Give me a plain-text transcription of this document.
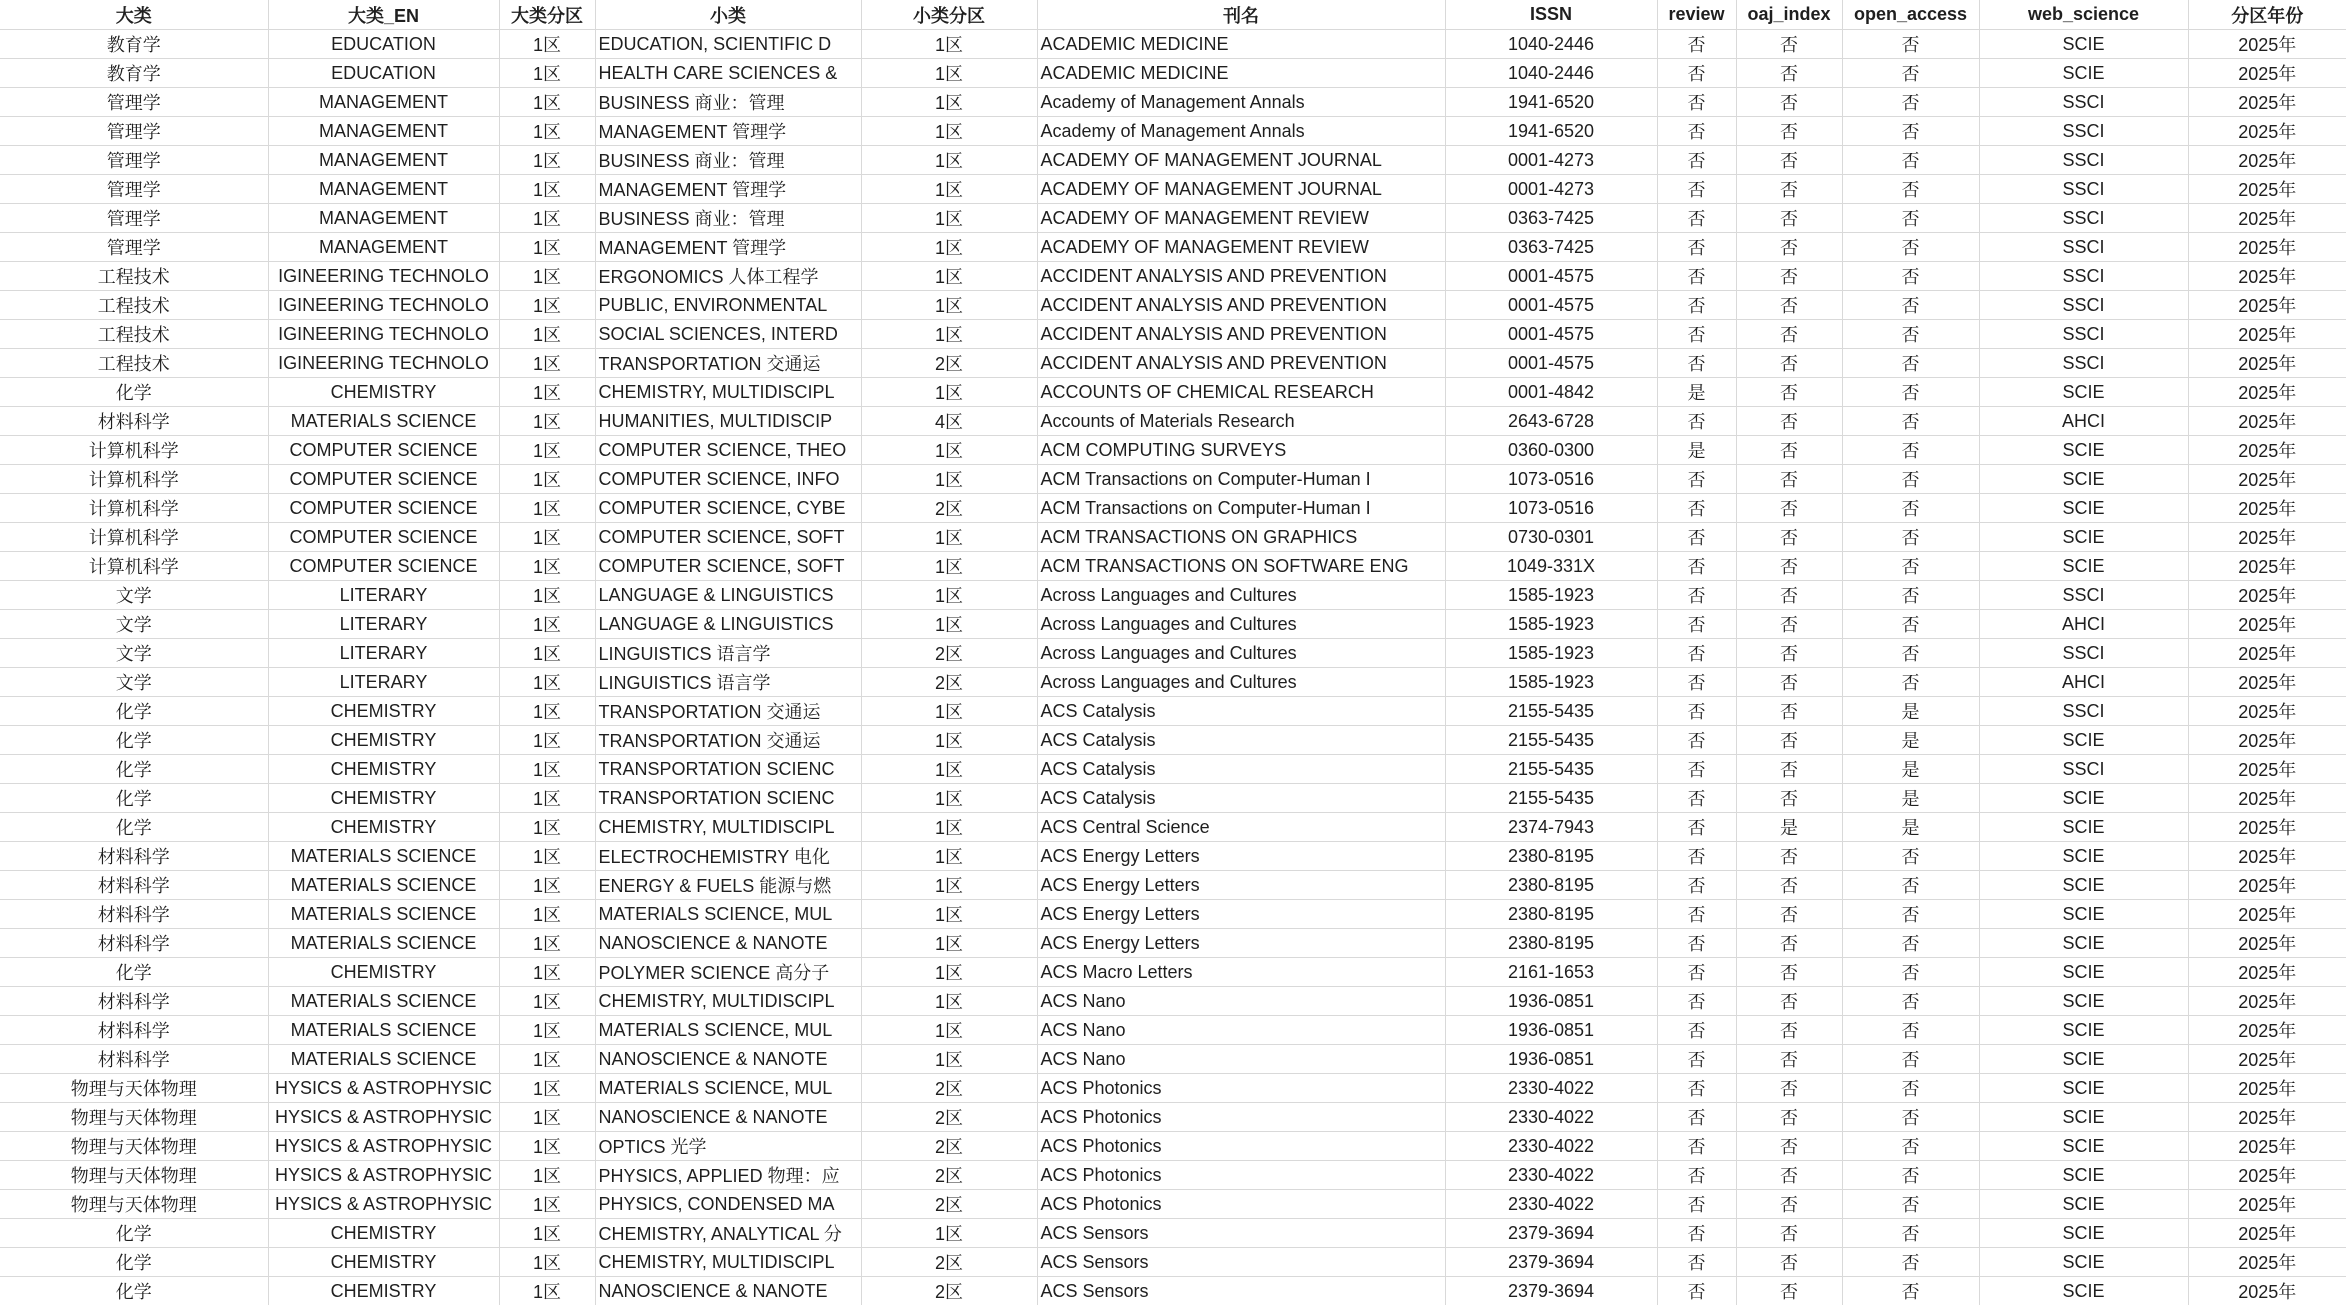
大类	大类_EN	大类分区	小类	小类分区	刊名	ISSN	review	oaj_index	open_access	web_science	分区年份
教育学	EDUCATION	1区	EDUCATION, SCIENTIFIC D	1区	ACADEMIC MEDICINE	1040-2446	否	否	否	SCIE	2025年
教育学	EDUCATION	1区	HEALTH CARE SCIENCES &	1区	ACADEMIC MEDICINE	1040-2446	否	否	否	SCIE	2025年
管理学	MANAGEMENT	1区	BUSINESS 商业：管理	1区	Academy of Management Annals	1941-6520	否	否	否	SSCI	2025年
管理学	MANAGEMENT	1区	MANAGEMENT 管理学	1区	Academy of Management Annals	1941-6520	否	否	否	SSCI	2025年
管理学	MANAGEMENT	1区	BUSINESS 商业：管理	1区	ACADEMY OF MANAGEMENT JOURNAL	0001-4273	否	否	否	SSCI	2025年
管理学	MANAGEMENT	1区	MANAGEMENT 管理学	1区	ACADEMY OF MANAGEMENT JOURNAL	0001-4273	否	否	否	SSCI	2025年
管理学	MANAGEMENT	1区	BUSINESS 商业：管理	1区	ACADEMY OF MANAGEMENT REVIEW	0363-7425	否	否	否	SSCI	2025年
管理学	MANAGEMENT	1区	MANAGEMENT 管理学	1区	ACADEMY OF MANAGEMENT REVIEW	0363-7425	否	否	否	SSCI	2025年
工程技术	IGINEERING TECHNOLO	1区	ERGONOMICS 人体工程学	1区	ACCIDENT ANALYSIS AND PREVENTION	0001-4575	否	否	否	SSCI	2025年
工程技术	IGINEERING TECHNOLO	1区	PUBLIC, ENVIRONMENTAL	1区	ACCIDENT ANALYSIS AND PREVENTION	0001-4575	否	否	否	SSCI	2025年
工程技术	IGINEERING TECHNOLO	1区	SOCIAL SCIENCES, INTERD	1区	ACCIDENT ANALYSIS AND PREVENTION	0001-4575	否	否	否	SSCI	2025年
工程技术	IGINEERING TECHNOLO	1区	TRANSPORTATION 交通运	2区	ACCIDENT ANALYSIS AND PREVENTION	0001-4575	否	否	否	SSCI	2025年
化学	CHEMISTRY	1区	CHEMISTRY, MULTIDISCIPL	1区	ACCOUNTS OF CHEMICAL RESEARCH	0001-4842	是	否	否	SCIE	2025年
材料科学	MATERIALS SCIENCE	1区	HUMANITIES, MULTIDISCIP	4区	Accounts of Materials Research	2643-6728	否	否	否	AHCI	2025年
计算机科学	COMPUTER SCIENCE	1区	COMPUTER SCIENCE, THEO	1区	ACM COMPUTING SURVEYS	0360-0300	是	否	否	SCIE	2025年
计算机科学	COMPUTER SCIENCE	1区	COMPUTER SCIENCE, INFO	1区	ACM Transactions on Computer-Human I	1073-0516	否	否	否	SCIE	2025年
计算机科学	COMPUTER SCIENCE	1区	COMPUTER SCIENCE, CYBE	2区	ACM Transactions on Computer-Human I	1073-0516	否	否	否	SCIE	2025年
计算机科学	COMPUTER SCIENCE	1区	COMPUTER SCIENCE, SOFT	1区	ACM TRANSACTIONS ON GRAPHICS	0730-0301	否	否	否	SCIE	2025年
计算机科学	COMPUTER SCIENCE	1区	COMPUTER SCIENCE, SOFT	1区	ACM TRANSACTIONS ON SOFTWARE ENG	1049-331X	否	否	否	SCIE	2025年
文学	LITERARY	1区	LANGUAGE & LINGUISTICS	1区	Across Languages and Cultures	1585-1923	否	否	否	SSCI	2025年
文学	LITERARY	1区	LANGUAGE & LINGUISTICS	1区	Across Languages and Cultures	1585-1923	否	否	否	AHCI	2025年
文学	LITERARY	1区	LINGUISTICS 语言学	2区	Across Languages and Cultures	1585-1923	否	否	否	SSCI	2025年
文学	LITERARY	1区	LINGUISTICS 语言学	2区	Across Languages and Cultures	1585-1923	否	否	否	AHCI	2025年
化学	CHEMISTRY	1区	TRANSPORTATION 交通运	1区	ACS Catalysis	2155-5435	否	否	是	SSCI	2025年
化学	CHEMISTRY	1区	TRANSPORTATION 交通运	1区	ACS Catalysis	2155-5435	否	否	是	SCIE	2025年
化学	CHEMISTRY	1区	TRANSPORTATION SCIENC	1区	ACS Catalysis	2155-5435	否	否	是	SSCI	2025年
化学	CHEMISTRY	1区	TRANSPORTATION SCIENC	1区	ACS Catalysis	2155-5435	否	否	是	SCIE	2025年
化学	CHEMISTRY	1区	CHEMISTRY, MULTIDISCIPL	1区	ACS Central Science	2374-7943	否	是	是	SCIE	2025年
材料科学	MATERIALS SCIENCE	1区	ELECTROCHEMISTRY 电化	1区	ACS Energy Letters	2380-8195	否	否	否	SCIE	2025年
材料科学	MATERIALS SCIENCE	1区	ENERGY & FUELS 能源与燃	1区	ACS Energy Letters	2380-8195	否	否	否	SCIE	2025年
材料科学	MATERIALS SCIENCE	1区	MATERIALS SCIENCE, MUL	1区	ACS Energy Letters	2380-8195	否	否	否	SCIE	2025年
材料科学	MATERIALS SCIENCE	1区	NANOSCIENCE & NANOTE	1区	ACS Energy Letters	2380-8195	否	否	否	SCIE	2025年
化学	CHEMISTRY	1区	POLYMER SCIENCE 高分子	1区	ACS Macro Letters	2161-1653	否	否	否	SCIE	2025年
材料科学	MATERIALS SCIENCE	1区	CHEMISTRY, MULTIDISCIPL	1区	ACS Nano	1936-0851	否	否	否	SCIE	2025年
材料科学	MATERIALS SCIENCE	1区	MATERIALS SCIENCE, MUL	1区	ACS Nano	1936-0851	否	否	否	SCIE	2025年
材料科学	MATERIALS SCIENCE	1区	NANOSCIENCE & NANOTE	1区	ACS Nano	1936-0851	否	否	否	SCIE	2025年
物理与天体物理	HYSICS & ASTROPHYSIC	1区	MATERIALS SCIENCE, MUL	2区	ACS Photonics	2330-4022	否	否	否	SCIE	2025年
物理与天体物理	HYSICS & ASTROPHYSIC	1区	NANOSCIENCE & NANOTE	2区	ACS Photonics	2330-4022	否	否	否	SCIE	2025年
物理与天体物理	HYSICS & ASTROPHYSIC	1区	OPTICS 光学	2区	ACS Photonics	2330-4022	否	否	否	SCIE	2025年
物理与天体物理	HYSICS & ASTROPHYSIC	1区	PHYSICS, APPLIED 物理：应	2区	ACS Photonics	2330-4022	否	否	否	SCIE	2025年
物理与天体物理	HYSICS & ASTROPHYSIC	1区	PHYSICS, CONDENSED MA	2区	ACS Photonics	2330-4022	否	否	否	SCIE	2025年
化学	CHEMISTRY	1区	CHEMISTRY, ANALYTICAL 分	1区	ACS Sensors	2379-3694	否	否	否	SCIE	2025年
化学	CHEMISTRY	1区	CHEMISTRY, MULTIDISCIPL	2区	ACS Sensors	2379-3694	否	否	否	SCIE	2025年
化学	CHEMISTRY	1区	NANOSCIENCE & NANOTE	2区	ACS Sensors	2379-3694	否	否	否	SCIE	2025年
